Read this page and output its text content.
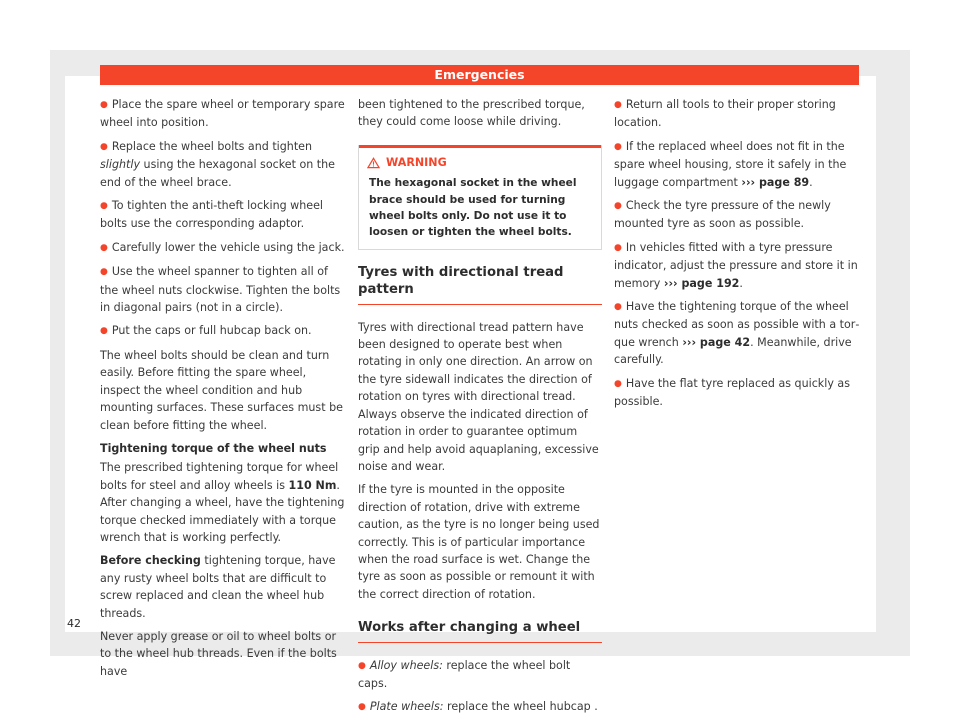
Emergencies

● Place the spare wheel or temporary spare wheel into position.

● Replace the wheel bolts and tighten slightly using the hexagonal socket on the end of the wheel brace.

● To tighten the anti-theft locking wheel bolts use the corresponding adaptor.

● Carefully lower the vehicle using the jack.

● Use the wheel spanner to tighten all of the wheel nuts clockwise. Tighten the bolts in diagonal pairs (not in a circle).

● Put the caps or full hubcap back on.

The wheel bolts should be clean and turn easily. Before fitting the spare wheel, inspect the wheel condition and hub mounting surfaces. These surfaces must be clean before fitting the wheel.

Tightening torque of the wheel nuts

The prescribed tightening torque for wheel bolts for steel and alloy wheels is 110 Nm. After changing a wheel, have the tightening torque checked immediately with a torque wrench that is working perfectly.

Before checking tightening torque, have any rusty wheel bolts that are difficult to screw replaced and clean the wheel hub threads.

Never apply grease or oil to wheel bolts or to the wheel hub threads. Even if the bolts have

been tightened to the prescribed torque, they could come loose while driving.

WARNING
The hexagonal socket in the wheel brace should be used for turning wheel bolts only. Do not use it to loosen or tighten the wheel bolts.
Tyres with directional tread pattern

Tyres with directional tread pattern have been designed to operate best when rotating in only one direction. An arrow on the tyre sidewall indicates the direction of rotation on tyres with directional tread. Always observe the indicated direction of rotation in order to guarantee optimum grip and help avoid aquaplaning, excessive noise and wear.

If the tyre is mounted in the opposite direction of rotation, drive with extreme caution, as the tyre is no longer being used correctly. This is of particular importance when the road surface is wet. Change the tyre as soon as possible or remount it with the correct direction of rotation.

Works after changing a wheel

● Alloy wheels: replace the wheel bolt caps.

● Plate wheels: replace the wheel hubcap .

● Return all tools to their proper storing location.

● If the replaced wheel does not fit in the spare wheel housing, store it safely in the luggage compartment ››› page 89.

● Check the tyre pressure of the newly mounted tyre as soon as possible.

● In vehicles fitted with a tyre pressure indicator, adjust the pressure and store it in memory ››› page 192.

● Have the tightening torque of the wheel nuts checked as soon as possible with a torque wrench ››› page 42. Meanwhile, drive carefully.

● Have the flat tyre replaced as quickly as possible.

42
